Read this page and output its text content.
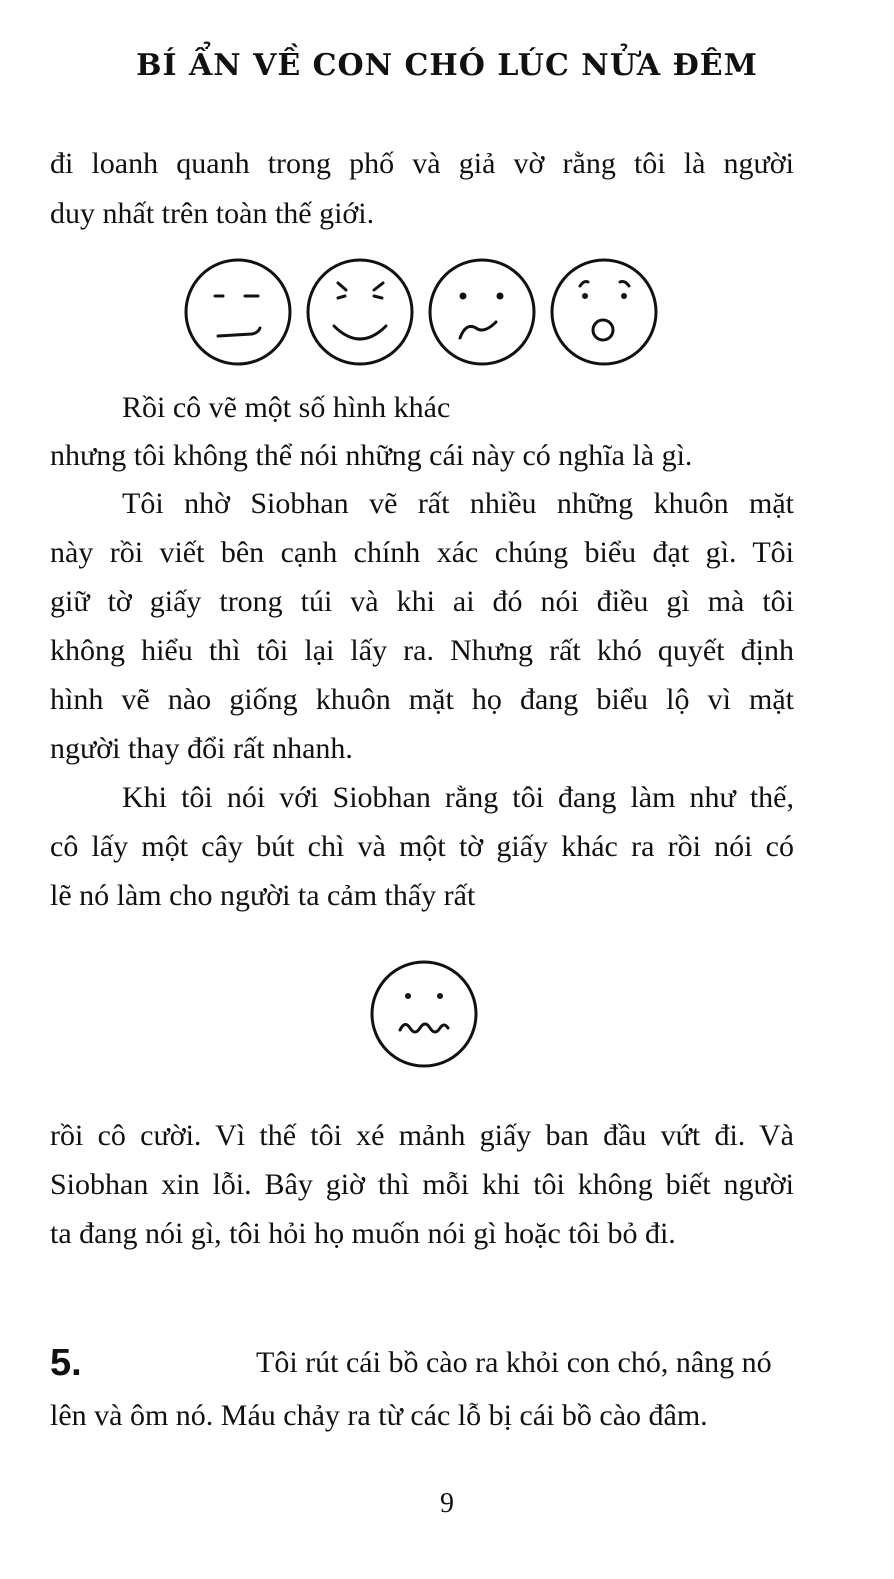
BÍ ẨN VỀ CON CHÓ LÚC NỬA ĐÊM
đi loanh quanh trong phố và giả vờ rằng tôi là người
duy nhất trên toàn thế giới.
Rồi cô vẽ một số hình khác
nhưng tôi không thể nói những cái này có nghĩa là gì.
Tôi nhờ Siobhan vẽ rất nhiều những khuôn mặt
này rồi viết bên cạnh chính xác chúng biểu đạt gì. Tôi
giữ tờ giấy trong túi và khi ai đó nói điều gì mà tôi
không hiểu thì tôi lại lấy ra. Nhưng rất khó quyết định
hình vẽ nào giống khuôn mặt họ đang biểu lộ vì mặt
người thay đổi rất nhanh.
Khi tôi nói với Siobhan rằng tôi đang làm như thế,
cô lấy một cây bút chì và một tờ giấy khác ra rồi nói có
lẽ nó làm cho người ta cảm thấy rất
rồi cô cười. Vì thế tôi xé mảnh giấy ban đầu vứt đi. Và
Siobhan xin lỗi. Bây giờ thì mỗi khi tôi không biết người
ta đang nói gì, tôi hỏi họ muốn nói gì hoặc tôi bỏ đi.
5.	Tôi rút cái bồ cào ra khỏi con chó, nâng nó
lên và ôm nó. Máu chảy ra từ các lỗ bị cái bồ cào đâm.
9
